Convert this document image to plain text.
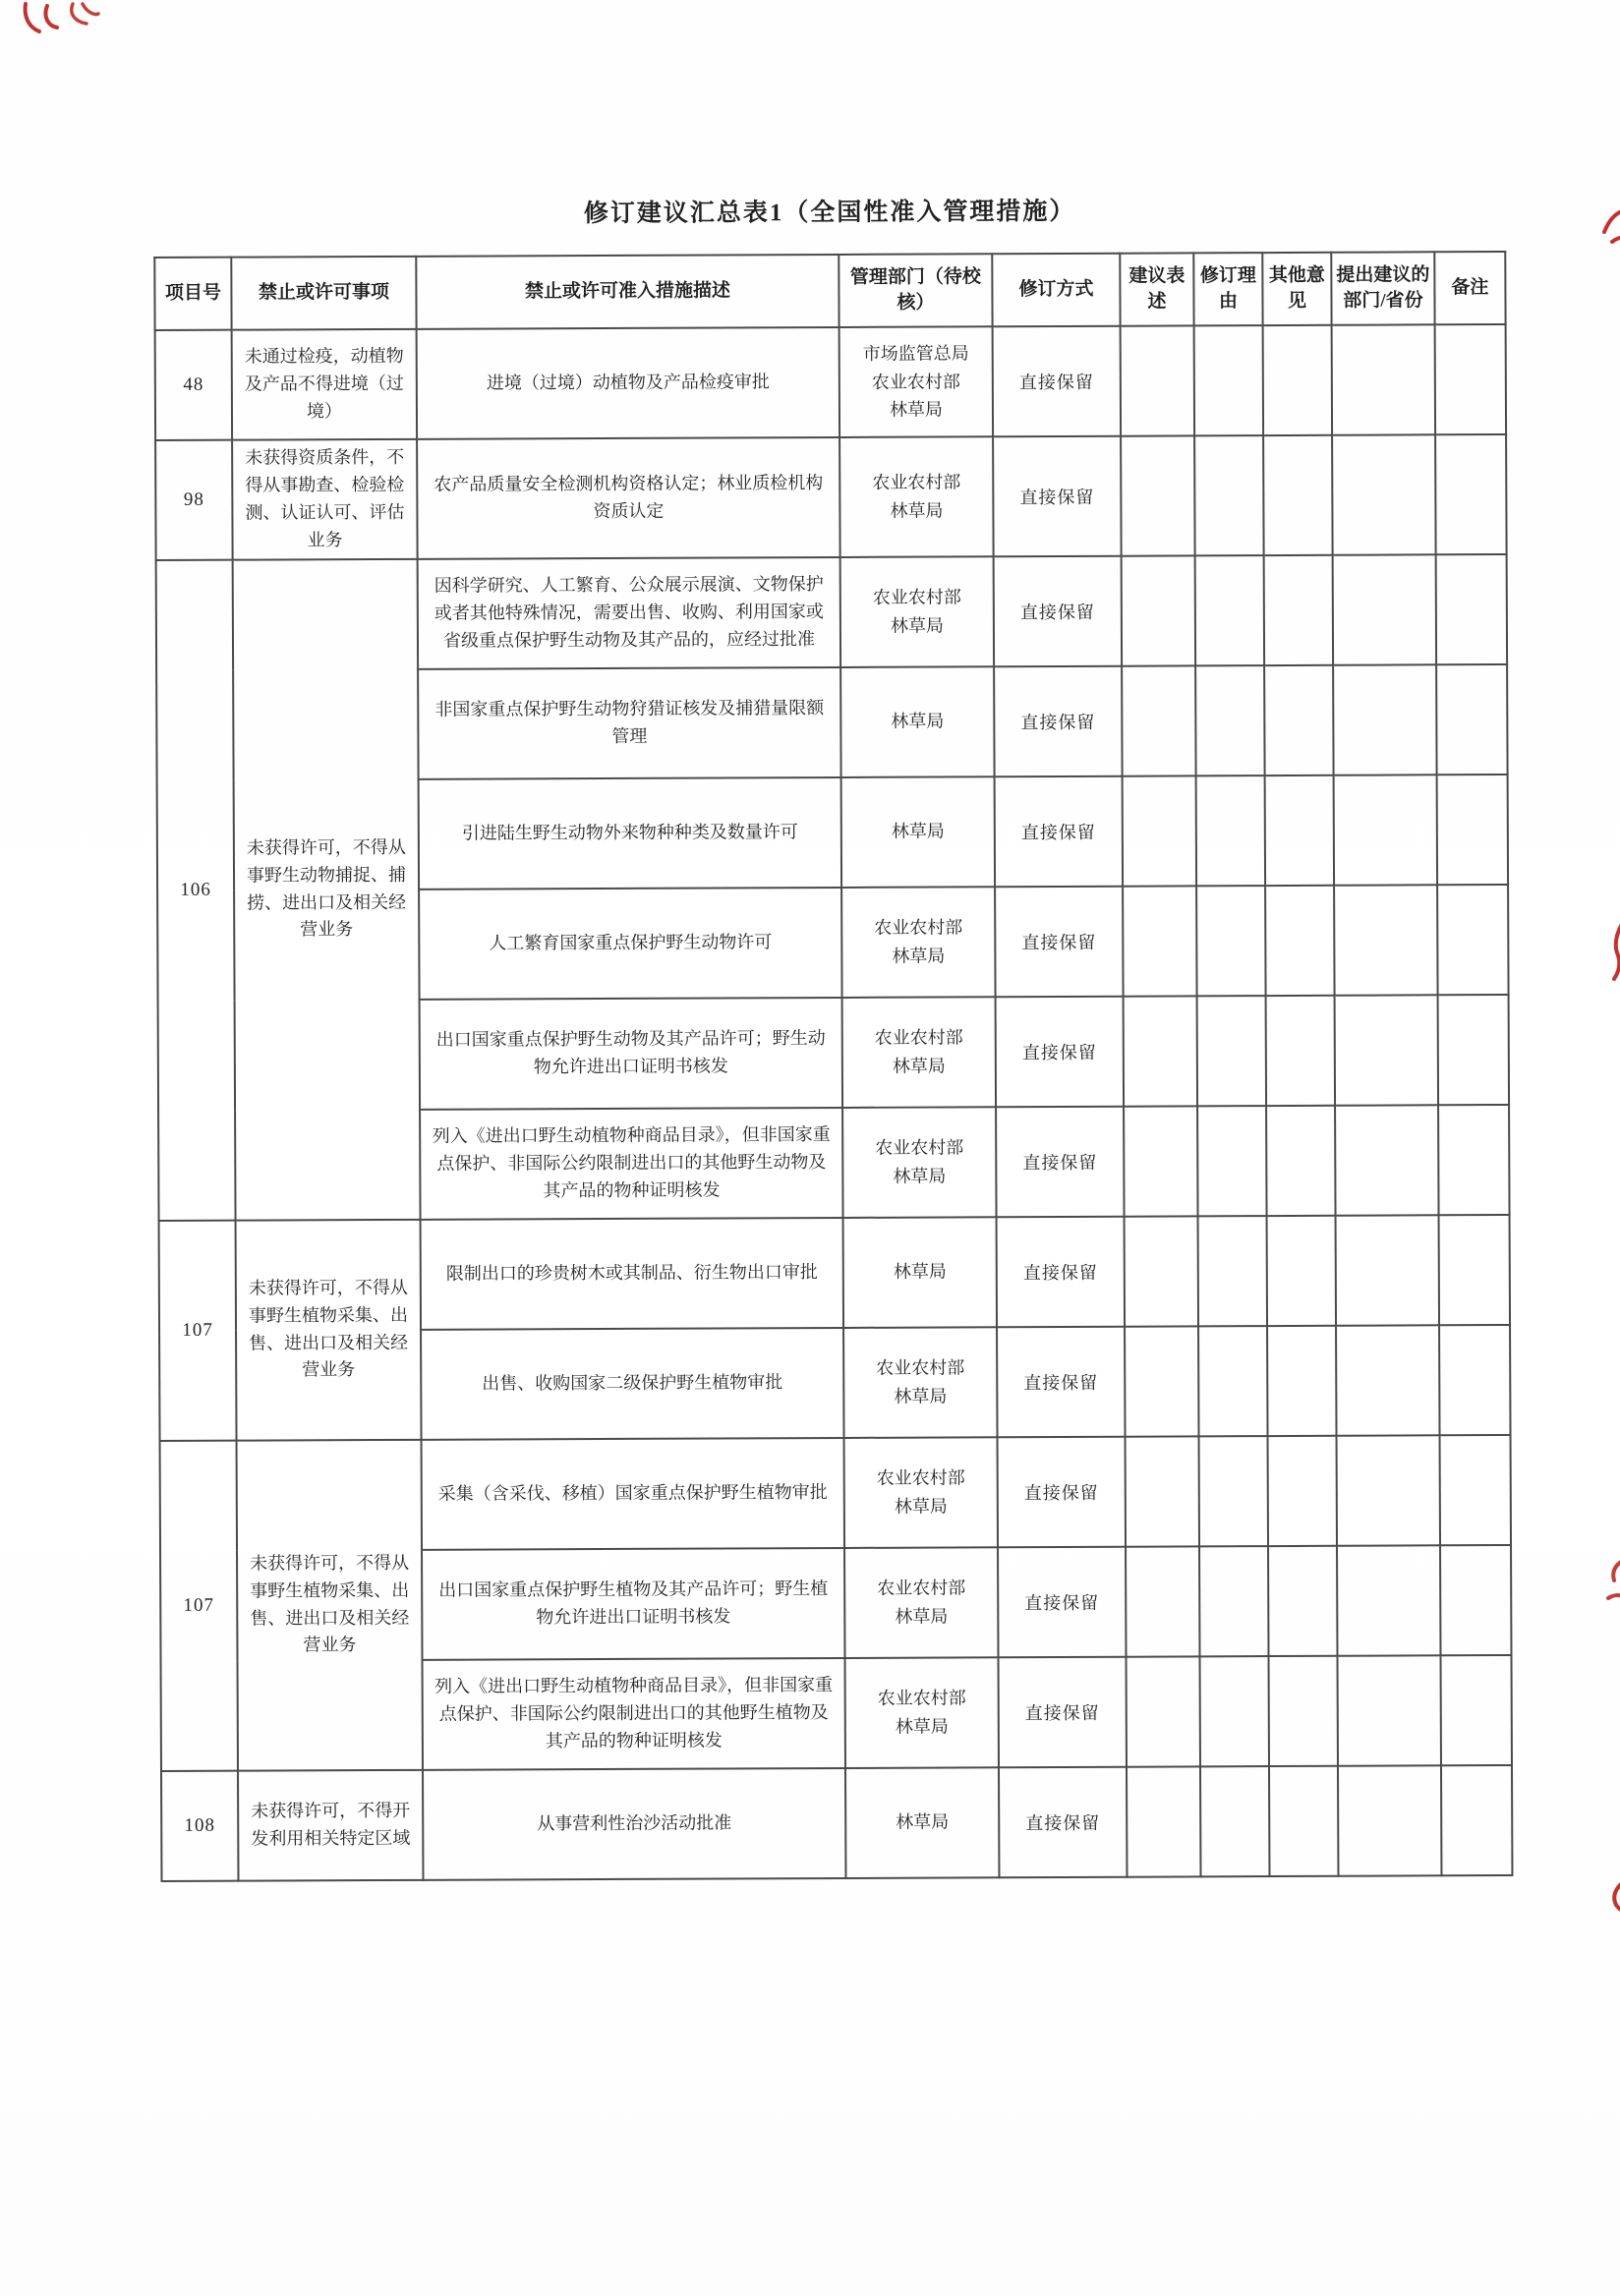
修订建议汇总表1（全国性准入管理措施）
项目号	禁止或许可事项	禁止或许可准入措施描述	管理部门（待校核）	修订方式	建议表述	修订理由	其他意见	提出建议的部门/省份	备注
48	未通过检疫，动植物及产品不得进境（过境）	进境（过境）动植物及产品检疫审批	市场监管总局
农业农村部
林草局	直接保留					
98	未获得资质条件，不得从事勘查、检验检测、认证认可、评估业务	农产品质量安全检测机构资格认定；林业质检机构资质认定	农业农村部
林草局	直接保留					
106	未获得许可，不得从事野生动物捕捉、捕捞、进出口及相关经营业务	因科学研究、人工繁育、公众展示展演、文物保护或者其他特殊情况，需要出售、收购、利用国家或省级重点保护野生动物及其产品的，应经过批准	农业农村部
林草局	直接保留					
		非国家重点保护野生动物狩猎证核发及捕猎量限额管理	林草局	直接保留					
		引进陆生野生动物外来物种种类及数量许可	林草局	直接保留					
		人工繁育国家重点保护野生动物许可	农业农村部
林草局	直接保留					
		出口国家重点保护野生动物及其产品许可；野生动物允许进出口证明书核发	农业农村部
林草局	直接保留					
		列入《进出口野生动植物种商品目录》，但非国家重点保护、非国际公约限制进出口的其他野生动物及其产品的物种证明核发	农业农村部
林草局	直接保留					
107	未获得许可，不得从事野生植物采集、出售、进出口及相关经营业务	限制出口的珍贵树木或其制品、衍生物出口审批	林草局	直接保留					
		出售、收购国家二级保护野生植物审批	农业农村部
林草局	直接保留					
107	未获得许可，不得从事野生植物采集、出售、进出口及相关经营业务	采集（含采伐、移植）国家重点保护野生植物审批	农业农村部
林草局	直接保留					
		出口国家重点保护野生植物及其产品许可；野生植物允许进出口证明书核发	农业农村部
林草局	直接保留					
		列入《进出口野生动植物种商品目录》，但非国家重点保护、非国际公约限制进出口的其他野生植物及其产品的物种证明核发	农业农村部
林草局	直接保留					
108	未获得许可，不得开发利用相关特定区域	从事营利性治沙活动批准	林草局	直接保留					
